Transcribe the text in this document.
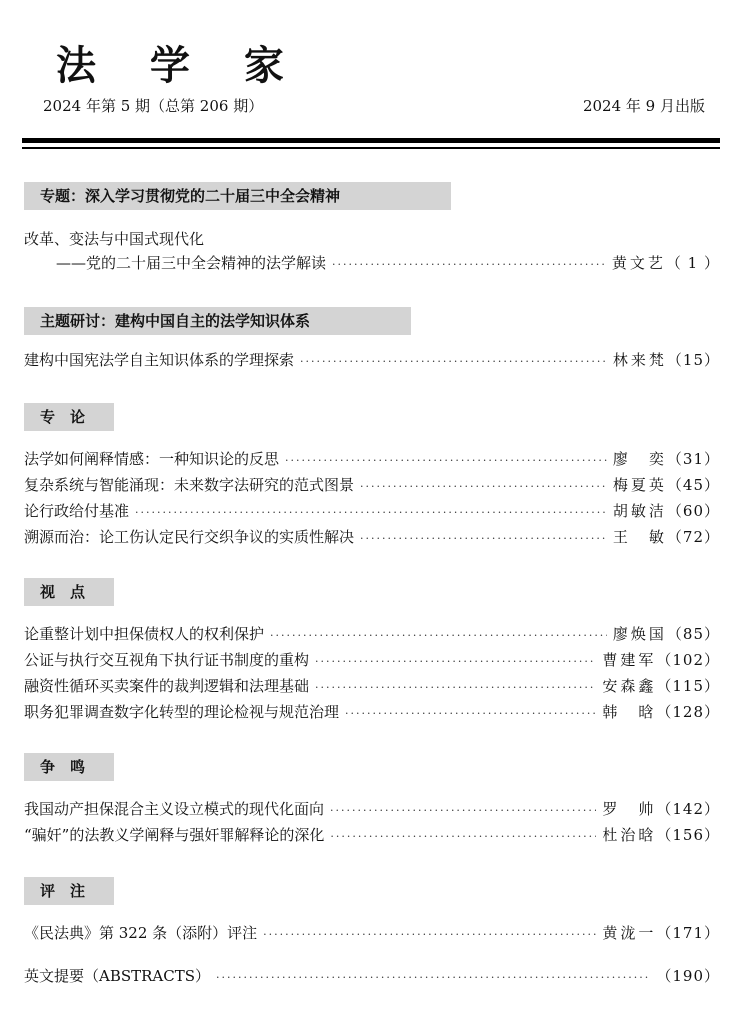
法 学 家
2024 年第 5 期（总第 206 期）	2024 年 9 月出版
专题：深入学习贯彻党的二十届三中全会精神
改革、变法与中国式现代化
——党的二十届三中全会精神的法学解读 ·····	黄文艺 （ 1 ）
主题研讨：建构中国自主的法学知识体系
建构中国宪法学自主知识体系的学理探索 ·····	林来梵 （15）
专　论
法学如何阐释情感：一种知识论的反思 ·····	廖　奕 （31）
复杂系统与智能涌现：未来数字法研究的范式图景 ·····	梅夏英 （45）
论行政给付基准 ·····	胡敏洁 （60）
溯源而治：论工伤认定民行交织争议的实质性解决 ·····	王　敏 （72）
视　点
论重整计划中担保债权人的权利保护 ·····	廖焕国 （85）
公证与执行交互视角下执行证书制度的重构 ·····	曹建军 （102）
融资性循环买卖案件的裁判逻辑和法理基础 ·····	安森鑫 （115）
职务犯罪调查数字化转型的理论检视与规范治理 ·····	韩　晗 （128）
争　鸣
我国动产担保混合主义设立模式的现代化面向 ·····	罗　帅 （142）
“骗奸”的法教义学阐释与强奸罪解释论的深化 ·····	杜治晗 （156）
评　注
《民法典》第 322 条（添附）评注 ·····	黄泷一 （171）
英文提要（ABSTRACTS） ·····	（190）
